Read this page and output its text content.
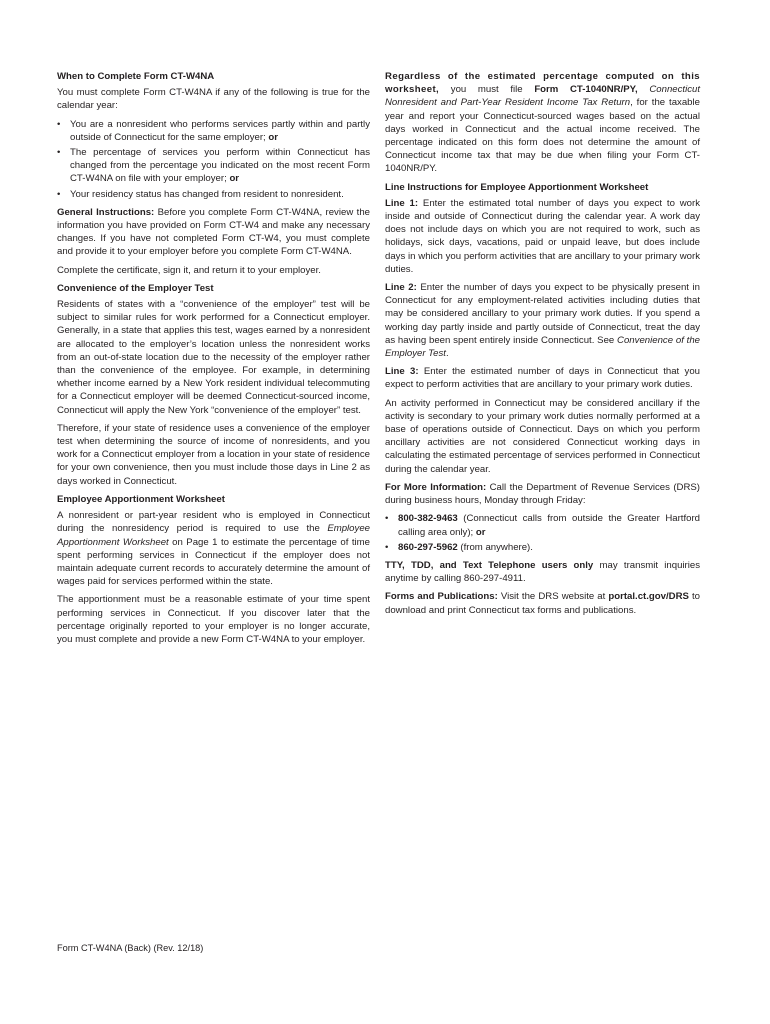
When to Complete Form CT-W4NA

You must complete Form CT-W4NA if any of the following is true for the calendar year:

• You are a nonresident who performs services partly within and partly outside of Connecticut for the same employer; or
• The percentage of services you perform within Connecticut has changed from the percentage you indicated on the most recent Form CT-W4NA on file with your employer; or
• Your residency status has changed from resident to nonresident.

General Instructions: Before you complete Form CT-W4NA, review the information you have provided on Form CT-W4 and make any necessary changes. If you have not completed Form CT-W4, you must complete and provide it to your employer before you complete Form CT-W4NA.

Complete the certificate, sign it, and return it to your employer.

Convenience of the Employer Test

Residents of states with a “convenience of the employer” test will be subject to similar rules for work performed for a Connecticut employer. Generally, in a state that applies this test, wages earned by a nonresident are allocated to the employer’s location unless the nonresident works from an out-of-state location due to the necessity of the employer rather than the convenience of the employee. For example, in determining whether income earned by a New York resident individual telecommuting for a Connecticut employer will be deemed Connecticut-sourced income, Connecticut will apply the New York “convenience of the employer” test.

Therefore, if your state of residence uses a convenience of the employer test when determining the source of income of nonresidents, and you work for a Connecticut employer from a location in your state of residence for your own convenience, then you must include those days in Line 2 as days worked in Connecticut.

Employee Apportionment Worksheet

A nonresident or part-year resident who is employed in Connecticut during the nonresidency period is required to use the Employee Apportionment Worksheet on Page 1 to estimate the percentage of time spent performing services in Connecticut if the employer does not maintain adequate current records to accurately determine the amount of wages paid for services performed within the state.

The apportionment must be a reasonable estimate of your time spent performing services in Connecticut. If you discover later that the percentage originally reported to your employer is no longer accurate, you must complete and provide a new Form CT-W4NA to your employer.

Regardless of the estimated percentage computed on this worksheet, you must file Form CT-1040NR/PY, Connecticut Nonresident and Part-Year Resident Income Tax Return, for the taxable year and report your Connecticut-sourced wages based on the actual days worked in Connecticut and the actual income received. The percentage indicated on this form does not determine the amount of Connecticut income tax that may be due when filing your Form CT-1040NR/PY.

Line Instructions for Employee Apportionment Worksheet

Line 1: Enter the estimated total number of days you expect to work inside and outside of Connecticut during the calendar year. A work day does not include days on which you are not required to work, such as holidays, sick days, vacations, paid or unpaid leave, but does include days in which you perform activities that are ancillary to your primary work duties.

Line 2: Enter the number of days you expect to be physically present in Connecticut for any employment-related activities including duties that may be considered ancillary to your primary work duties. If you spend a working day partly inside and partly outside of Connecticut, treat the day as having been spent entirely inside Connecticut. See Convenience of the Employer Test.

Line 3: Enter the estimated number of days in Connecticut that you expect to perform activities that are ancillary to your primary work duties.

An activity performed in Connecticut may be considered ancillary if the activity is secondary to your primary work duties normally performed at a base of operations outside of Connecticut. Days on which you perform ancillary activities are not considered Connecticut working days in calculating the estimated percentage of services performed in Connecticut during the calendar year.

For More Information: Call the Department of Revenue Services (DRS) during business hours, Monday through Friday:

• 800-382-9463 (Connecticut calls from outside the Greater Hartford calling area only); or
• 860-297-5962 (from anywhere).

TTY, TDD, and Text Telephone users only may transmit inquiries anytime by calling 860-297-4911.

Forms and Publications: Visit the DRS website at portal.ct.gov/DRS to download and print Connecticut tax forms and publications.

Form CT-W4NA (Back) (Rev. 12/18)
